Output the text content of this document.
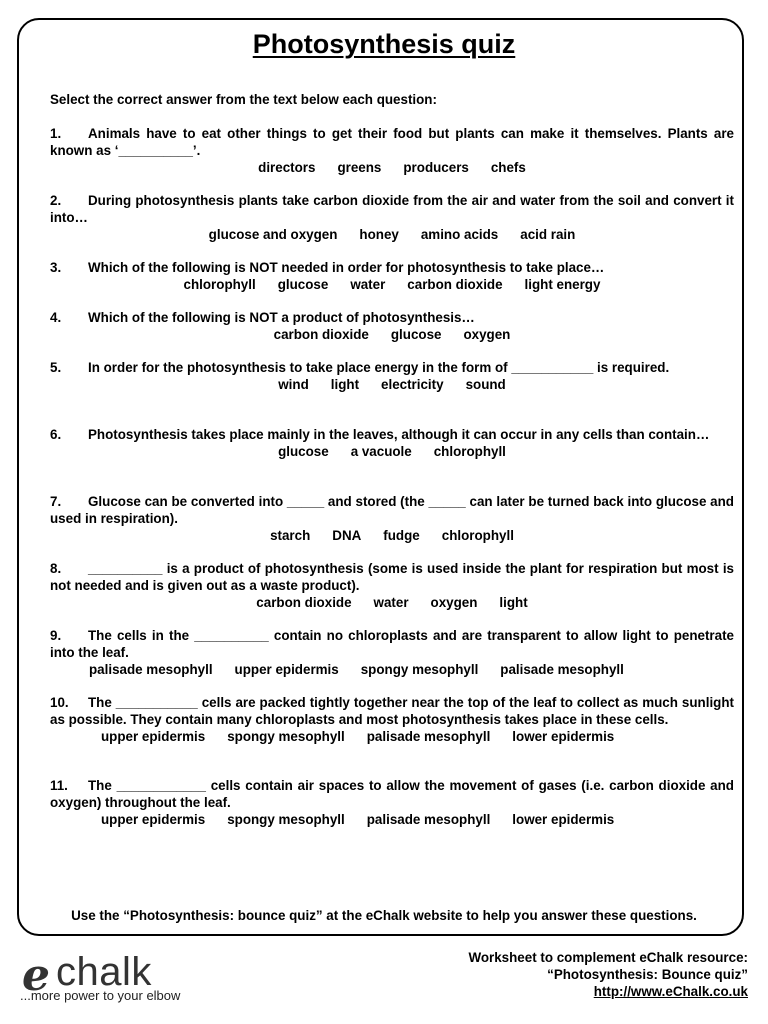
Photosynthesis quiz
Select the correct answer from the text below each question:

1. Animals have to eat other things to get their food but plants can make it themselves. Plants are known as ‘__________’.

directors greens producers chefs

2. During photosynthesis plants take carbon dioxide from the air and water from the soil and convert it into…

glucose and oxygen honey amino acids acid rain

3. Which of the following is NOT needed in order for photosynthesis to take place…

chlorophyll glucose water carbon dioxide light energy

4. Which of the following is NOT a product of photosynthesis…

carbon dioxide glucose oxygen

5. In order for the photosynthesis to take place energy in the form of ___________ is required.

wind light electricity sound

6. Photosynthesis takes place mainly in the leaves, although it can occur in any cells than contain…

glucose a vacuole chlorophyll

7. Glucose can be converted into _____ and stored (the _____ can later be turned back into glucose and used in respiration).

starch DNA fudge chlorophyll

8. __________ is a product of photosynthesis (some is used inside the plant for respiration but most is not needed and is given out as a waste product).

carbon dioxide water oxygen light

9. The cells in the __________ contain no chloroplasts and are transparent to allow light to penetrate into the leaf.

palisade mesophyll upper epidermis spongy mesophyll palisade mesophyll

10. The ___________ cells are packed tightly together near the top of the leaf to collect as much sunlight as possible. They contain many chloroplasts and most photosynthesis takes place in these cells.

upper epidermis spongy mesophyll palisade mesophyll lower epidermis

11. The ____________ cells contain air spaces to allow the movement of gases (i.e. carbon dioxide and oxygen) throughout the leaf.

upper epidermis spongy mesophyll palisade mesophyll lower epidermis

Use the “Photosynthesis: bounce quiz” at the eChalk website to help you answer these questions.
e chalk
...more power to your elbow
Worksheet to complement eChalk resource:
“Photosynthesis: Bounce quiz”
http://www.eChalk.co.uk
